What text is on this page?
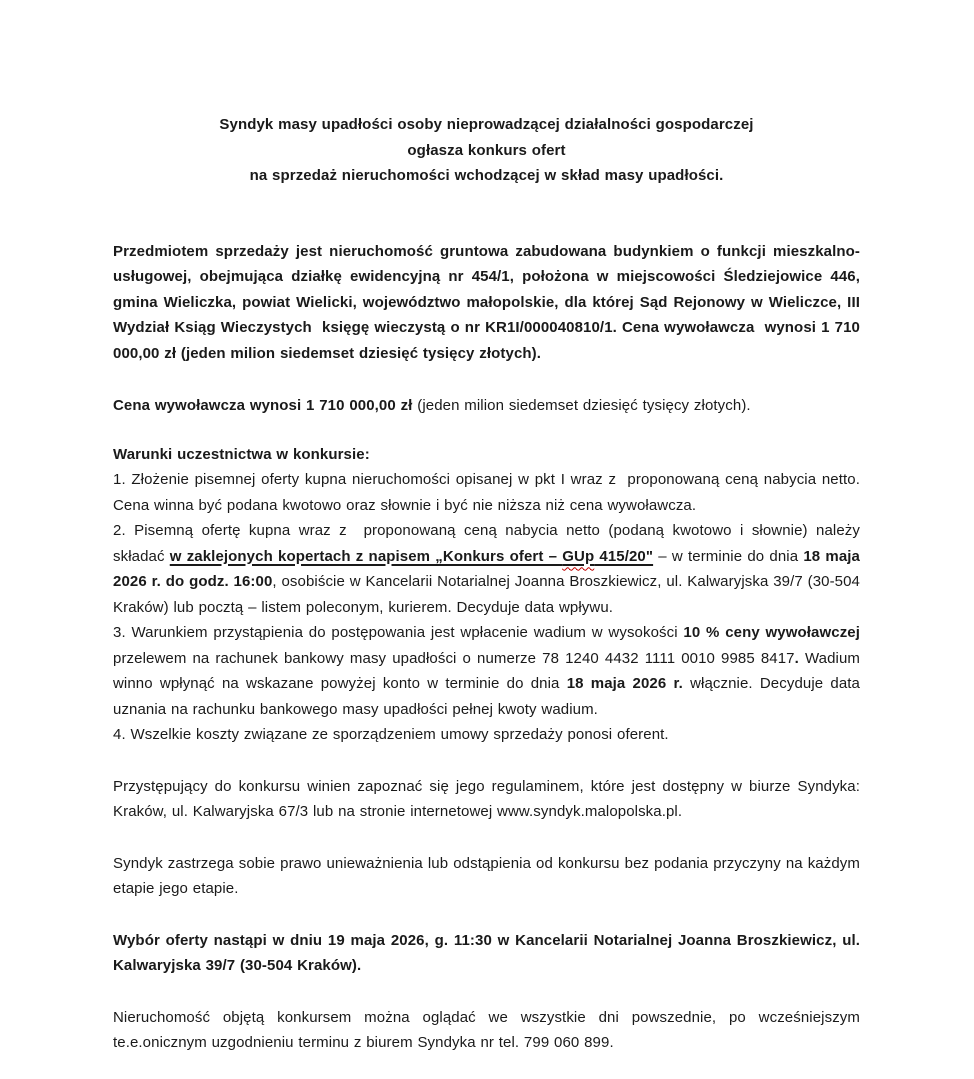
Syndyk masy upadłości osoby nieprowadzącej działalności gospodarczej

ogłasza konkurs ofert

na sprzedaż nieruchomości wchodzącej w skład masy upadłości.

Przedmiotem sprzedaży jest nieruchomość gruntowa zabudowana budynkiem o funkcji mieszkalno-usługowej, obejmująca działkę ewidencyjną nr 454/1, położona w miejscowości Śledziejowice 446, gmina Wieliczka, powiat Wielicki, województwo małopolskie, dla której Sąd Rejonowy w Wieliczce, III Wydział Ksiąg Wieczystych  księgę wieczystą o nr KR1I/000040810/1. Cena wywoławcza  wynosi 1 710 000,00 zł (jeden milion siedemset dziesięć tysięcy złotych).

Cena wywoławcza wynosi 1 710 000,00 zł (jeden milion siedemset dziesięć tysięcy złotych).

Warunki uczestnictwa w konkursie:

1. Złożenie pisemnej oferty kupna nieruchomości opisanej w pkt I wraz z  proponowaną ceną nabycia netto. Cena winna być podana kwotowo oraz słownie i być nie niższa niż cena wywoławcza.

2. Pisemną ofertę kupna wraz z  proponowaną ceną nabycia netto (podaną kwotowo i słownie) należy składać w zaklejonych kopertach z napisem „Konkurs ofert – GUp 415/20" – w terminie do dnia 18 maja 2026 r. do godz. 16:00, osobiście w Kancelarii Notarialnej Joanna Broszkiewicz, ul. Kalwaryjska 39/7 (30-504 Kraków) lub pocztą – listem poleconym, kurierem. Decyduje data wpływu.

3. Warunkiem przystąpienia do postępowania jest wpłacenie wadium w wysokości 10 % ceny wywoławczej przelewem na rachunek bankowy masy upadłości o numerze 78 1240 4432 1111 0010 9985 8417. Wadium winno wpłynąć na wskazane powyżej konto w terminie do dnia 18 maja 2026 r. włącznie. Decyduje data uznania na rachunku bankowego masy upadłości pełnej kwoty wadium.

4. Wszelkie koszty związane ze sporządzeniem umowy sprzedaży ponosi oferent.

Przystępujący do konkursu winien zapoznać się jego regulaminem, które jest dostępny w biurze Syndyka: Kraków, ul. Kalwaryjska 67/3 lub na stronie internetowej www.syndyk.malopolska.pl.

Syndyk zastrzega sobie prawo unieważnienia lub odstąpienia od konkursu bez podania przyczyny na każdym etapie jego etapie.

Wybór oferty nastąpi w dniu 19 maja 2026, g. 11:30 w Kancelarii Notarialnej Joanna Broszkiewicz, ul. Kalwaryjska 39/7 (30-504 Kraków).

Nieruchomość objętą konkursem można oglądać we wszystkie dni powszednie, po wcześniejszym te.e.onicznym uzgodnieniu terminu z biurem Syndyka nr tel. 799 060 899.
